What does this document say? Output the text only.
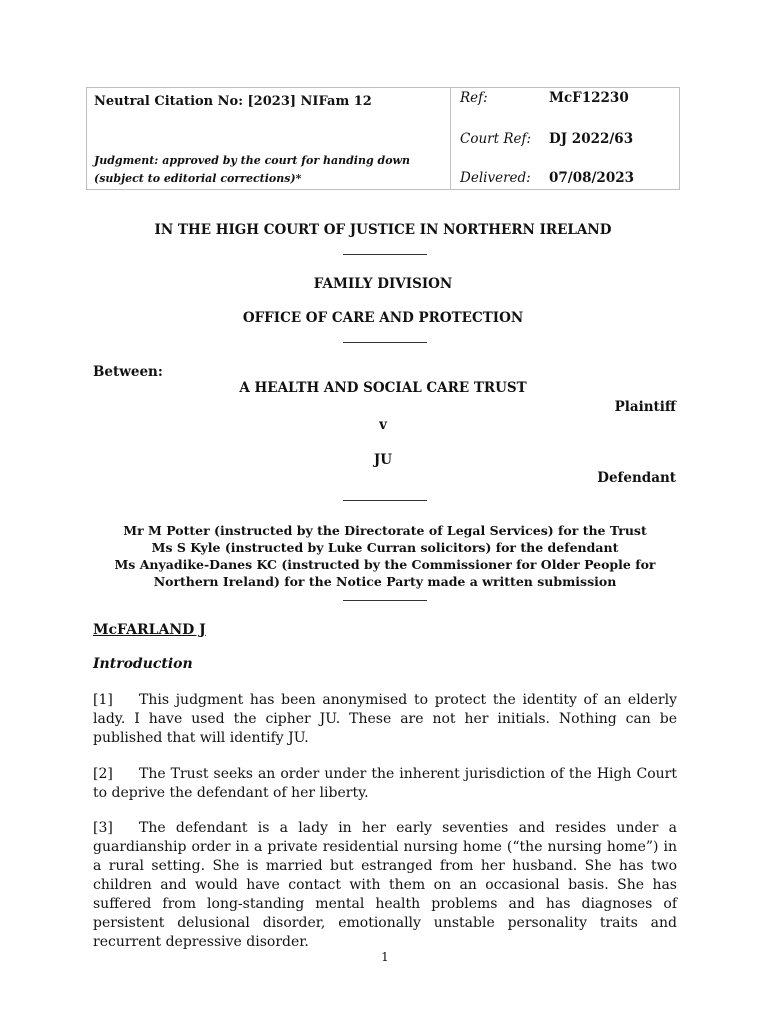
Neutral Citation No: [2023] NIFam 12
Judgment: approved by the court for handing down (subject to editorial corrections)*
Ref:	McF12230
Court Ref: DJ 2022/63
Delivered: 07/08/2023
IN THE HIGH COURT OF JUSTICE IN NORTHERN IRELAND
FAMILY DIVISION
OFFICE OF CARE AND PROTECTION
Between:
A HEALTH AND SOCIAL CARE TRUST
Plaintiff
v
JU
Defendant
Mr M Potter (instructed by the Directorate of Legal Services) for the Trust
Ms S Kyle (instructed by Luke Curran solicitors) for the defendant
Ms Anyadike-Danes KC (instructed by the Commissioner for Older People for
Northern Ireland) for the Notice Party made a written submission
McFARLAND J
Introduction
[1] This judgment has been anonymised to protect the identity of an elderly lady. I have used the cipher JU. These are not her initials. Nothing can be published that will identify JU.
[2] The Trust seeks an order under the inherent jurisdiction of the High Court to deprive the defendant of her liberty.
[3] The defendant is a lady in her early seventies and resides under a guardianship order in a private residential nursing home (“the nursing home”) in a rural setting. She is married but estranged from her husband. She has two children and would have contact with them on an occasional basis. She has suffered from long-standing mental health problems and has diagnoses of persistent delusional disorder, emotionally unstable personality traits and recurrent depressive disorder.
1
